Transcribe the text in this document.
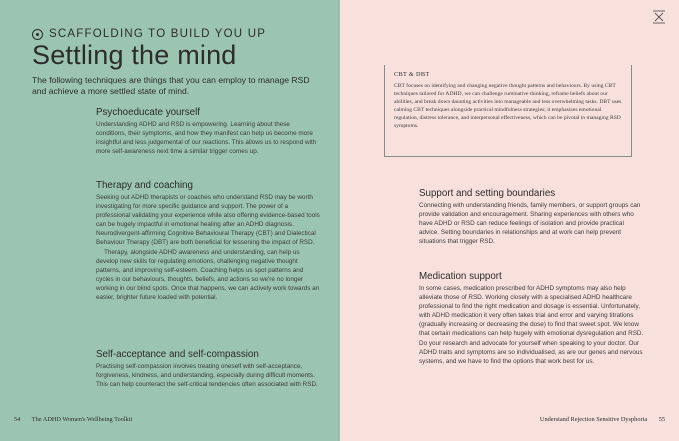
SCAFFOLDING TO BUILD YOU UP
Settling the mind

The following techniques are things that you can employ to manage RSD and achieve a more settled state of mind.

Psychoeducate yourself

Understanding ADHD and RSD is empowering. Learning about these conditions, their symptoms, and how they manifest can help us become more insightful and less judgemental of our reactions. This allows us to respond with more self-awareness next time a similar trigger comes up.

Therapy and coaching

Seeking out ADHD therapists or coaches who understand RSD may be worth investigating for more specific guidance and support. The power of a professional validating your experience while also offering evidence-based tools can be hugely impactful in emotional healing after an ADHD diagnosis. Neurodivergent-affirming Cognitive Behavioural Therapy (CBT) and Dialectical Behaviour Therapy (DBT) are both beneficial for lessening the impact of RSD.

Therapy, alongside ADHD awareness and understanding, can help us develop new skills for regulating emotions, challenging negative thought patterns, and improving self-esteem. Coaching helps us spot patterns and cycles in our behaviours, thoughts, beliefs, and actions so we're no longer working in our blind spots. Once that happens, we can actively work towards an easier, brighter future loaded with potential.

Self-acceptance and self-compassion

Practising self-compassion involves treating oneself with self-acceptance, forgiveness, kindness, and understanding, especially during difficult moments. This can help counteract the self-critical tendencies often associated with RSD.

54 The ADHD Women's Wellbeing Toolkit

CBT & DBT

CBT focuses on identifying and changing negative thought patterns and behaviours. By using CBT techniques tailored for ADHD, we can challenge ruminative thinking, reframe beliefs about our abilities, and break down daunting activities into manageable and less overwhelming tasks. DBT uses calming CBT techniques alongside practical mindfulness strategies; it emphasizes emotional regulation, distress tolerance, and interpersonal effectiveness, which can be pivotal in managing RSD symptoms.

Support and setting boundaries

Connecting with understanding friends, family members, or support groups can provide validation and encouragement. Sharing experiences with others who have ADHD or RSD can reduce feelings of isolation and provide practical advice. Setting boundaries in relationships and at work can help prevent situations that trigger RSD.

Medication support

In some cases, medication prescribed for ADHD symptoms may also help alleviate those of RSD. Working closely with a specialised ADHD healthcare professional to find the right medication and dosage is essential. Unfortunately, with ADHD medication it very often takes trial and error and varying titrations (gradually increasing or decreasing the dose) to find that sweet spot. We know that certain medications can help hugely with emotional dysregulation and RSD. Do your research and advocate for yourself when speaking to your doctor. Our ADHD traits and symptoms are so individualised, as are our genes and nervous systems, and we have to find the options that work best for us.

Understand Rejection Sensitive Dysphoria 55
